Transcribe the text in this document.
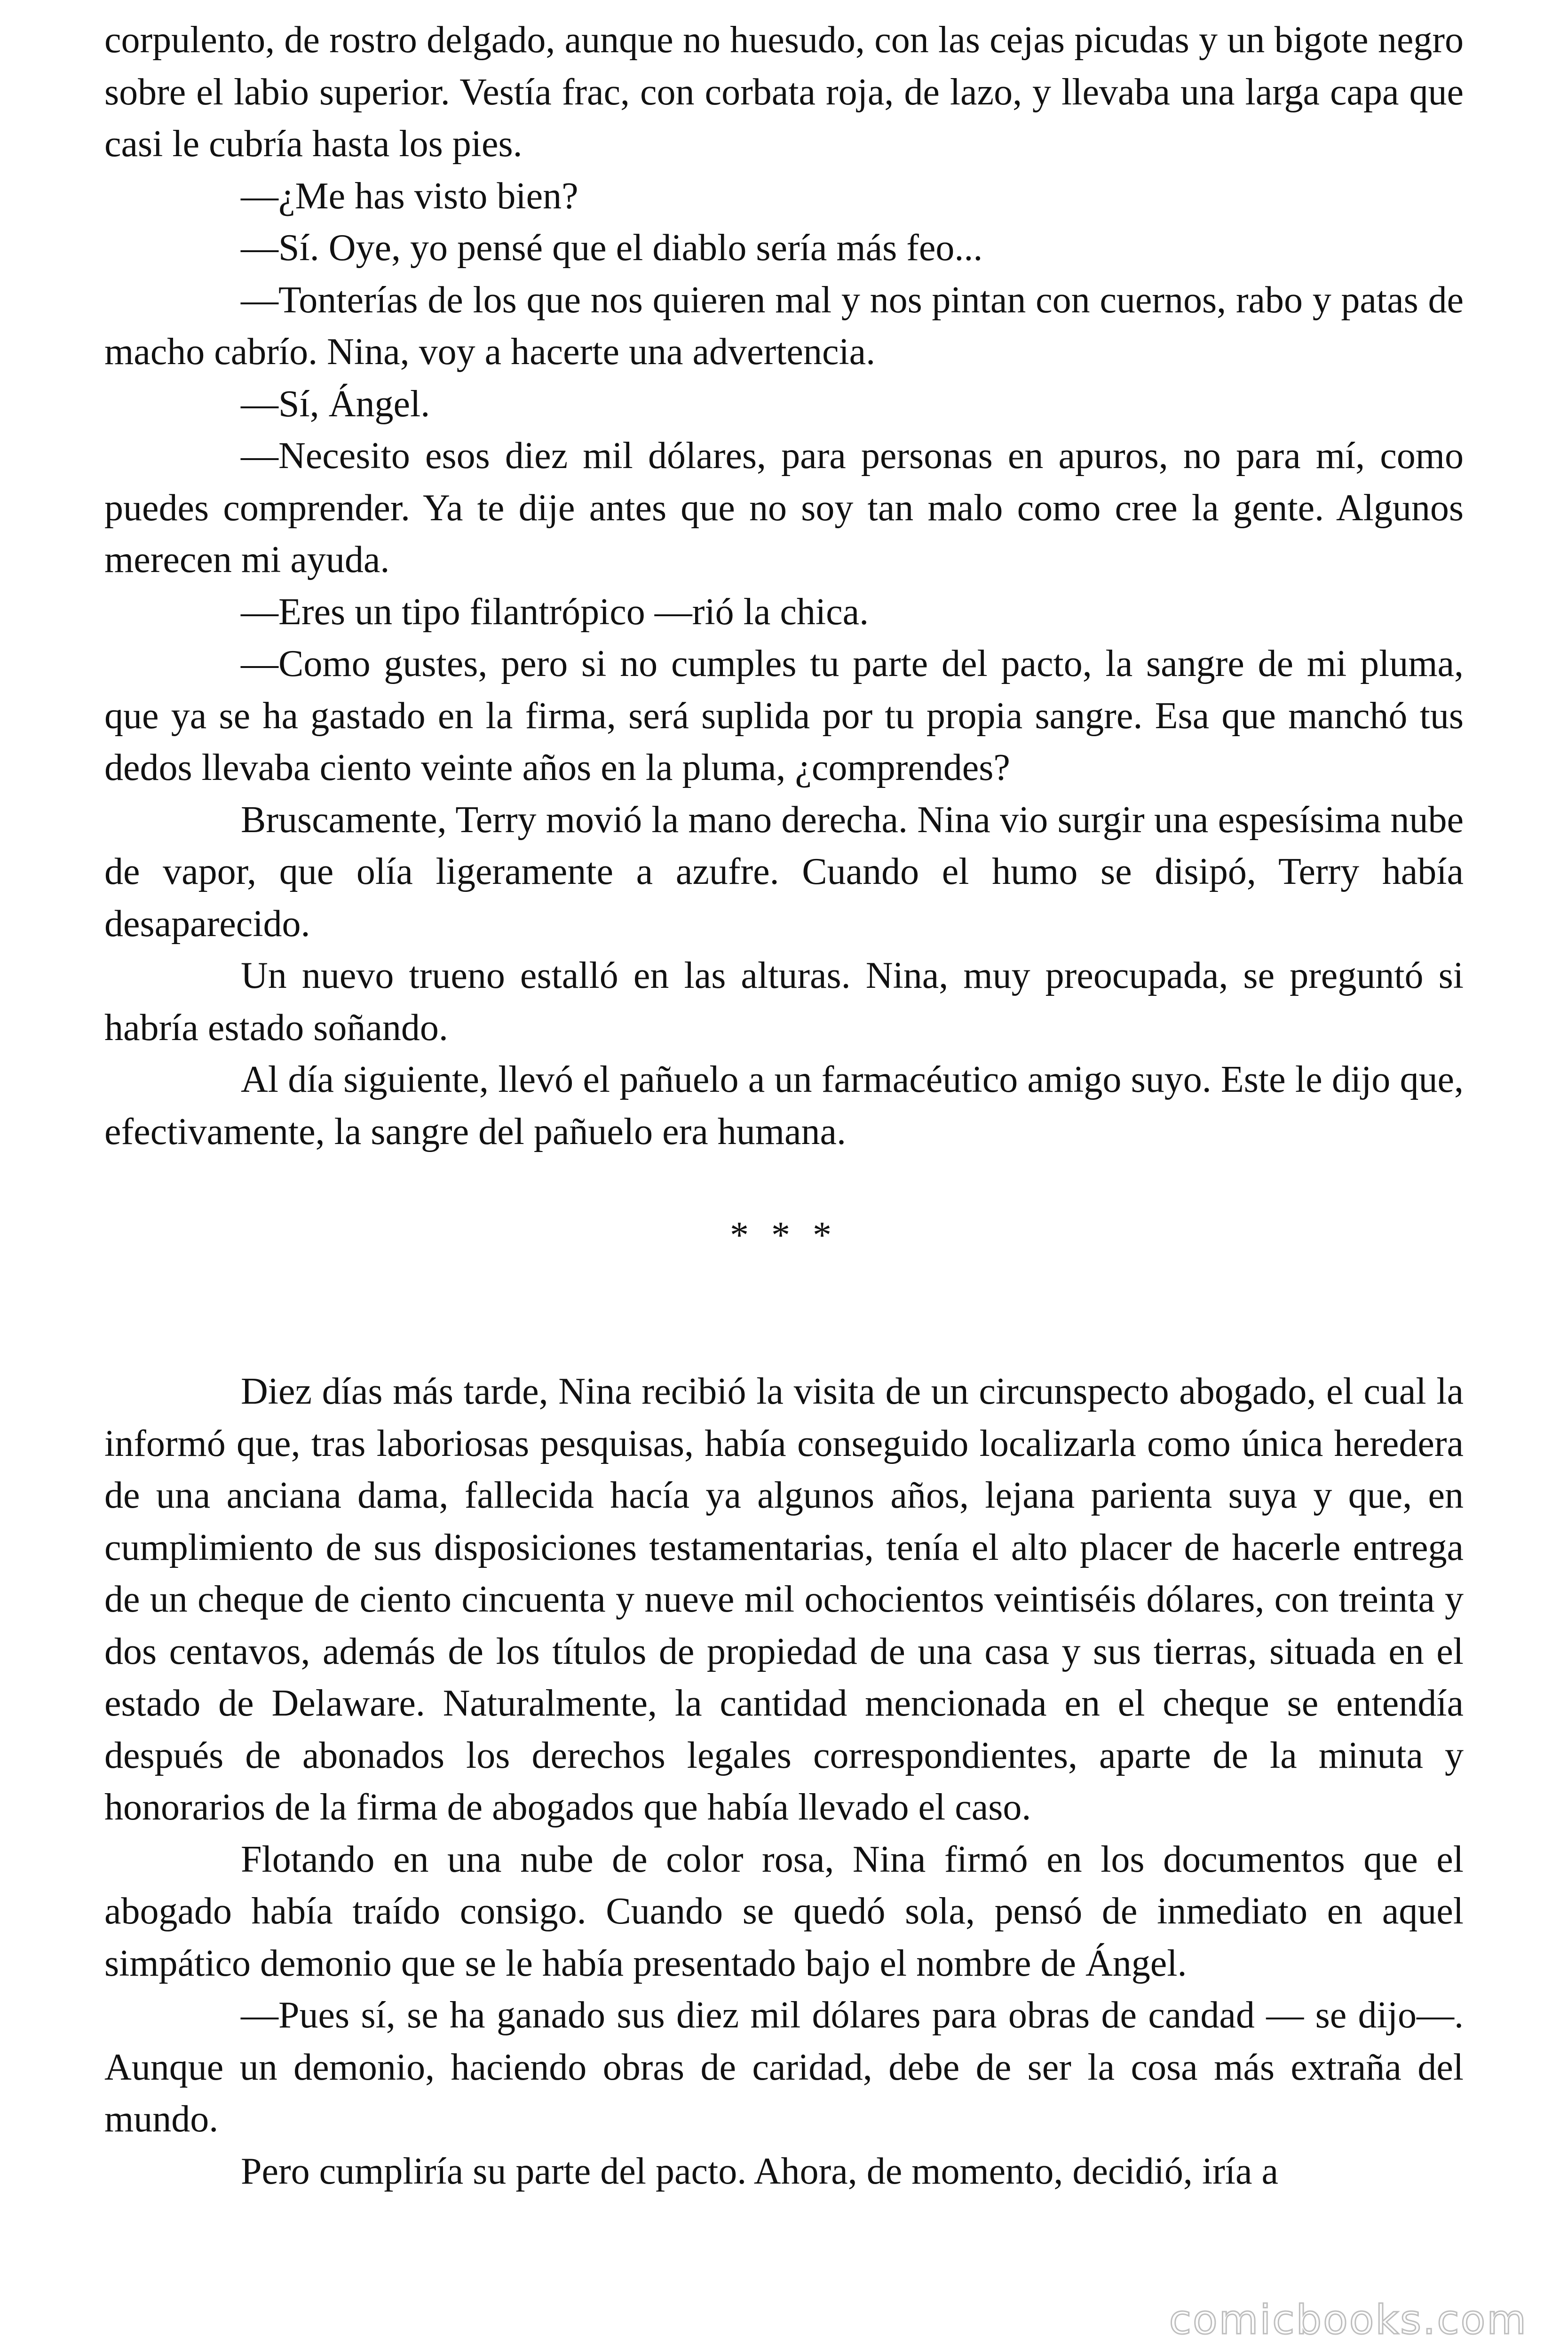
corpulento, de rostro delgado, aunque no huesudo, con las cejas picudas y un bigote negro sobre el labio superior. Vestía frac, con corbata roja, de lazo, y llevaba una larga capa que casi le cubría hasta los pies.

—¿Me has visto bien?

—Sí. Oye, yo pensé que el diablo sería más feo...

—Tonterías de los que nos quieren mal y nos pintan con cuernos, rabo y patas de macho cabrío. Nina, voy a hacerte una advertencia.

—Sí, Ángel.

—Necesito esos diez mil dólares, para personas en apuros, no para mí, como puedes comprender. Ya te dije antes que no soy tan malo como cree la gente. Algunos merecen mi ayuda.

—Eres un tipo filantrópico —rió la chica.

—Como gustes, pero si no cumples tu parte del pacto, la sangre de mi pluma, que ya se ha gastado en la firma, será suplida por tu propia sangre. Esa que manchó tus dedos llevaba ciento veinte años en la pluma, ¿comprendes?

Bruscamente, Terry movió la mano derecha. Nina vio surgir una espesísima nube de vapor, que olía ligeramente a azufre. Cuando el humo se disipó, Terry había desaparecido.

Un nuevo trueno estalló en las alturas. Nina, muy preocupada, se preguntó si habría estado soñando.

Al día siguiente, llevó el pañuelo a un farmacéutico amigo suyo. Este le dijo que, efectivamente, la sangre del pañuelo era humana.

* * *

Diez días más tarde, Nina recibió la visita de un circunspecto abogado, el cual la informó que, tras laboriosas pesquisas, había conseguido localizarla como única heredera de una anciana dama, fallecida hacía ya algunos años, lejana parienta suya y que, en cumplimiento de sus disposiciones testamentarias, tenía el alto placer de hacerle entrega de un cheque de ciento cincuenta y nueve mil ochocientos veintiséis dólares, con treinta y dos centavos, además de los títulos de propiedad de una casa y sus tierras, situada en el estado de Delaware. Naturalmente, la cantidad mencionada en el cheque se entendía después de abonados los derechos legales correspondientes, aparte de la minuta y honorarios de la firma de abogados que había llevado el caso.

Flotando en una nube de color rosa, Nina firmó en los documentos que el abogado había traído consigo. Cuando se quedó sola, pensó de inmediato en aquel simpático demonio que se le había presentado bajo el nombre de Ángel.

—Pues sí, se ha ganado sus diez mil dólares para obras de candad — se dijo—. Aunque un demonio, haciendo obras de caridad, debe de ser la cosa más extraña del mundo.

Pero cumpliría su parte del pacto. Ahora, de momento, decidió, iría a

comicbooks.com
